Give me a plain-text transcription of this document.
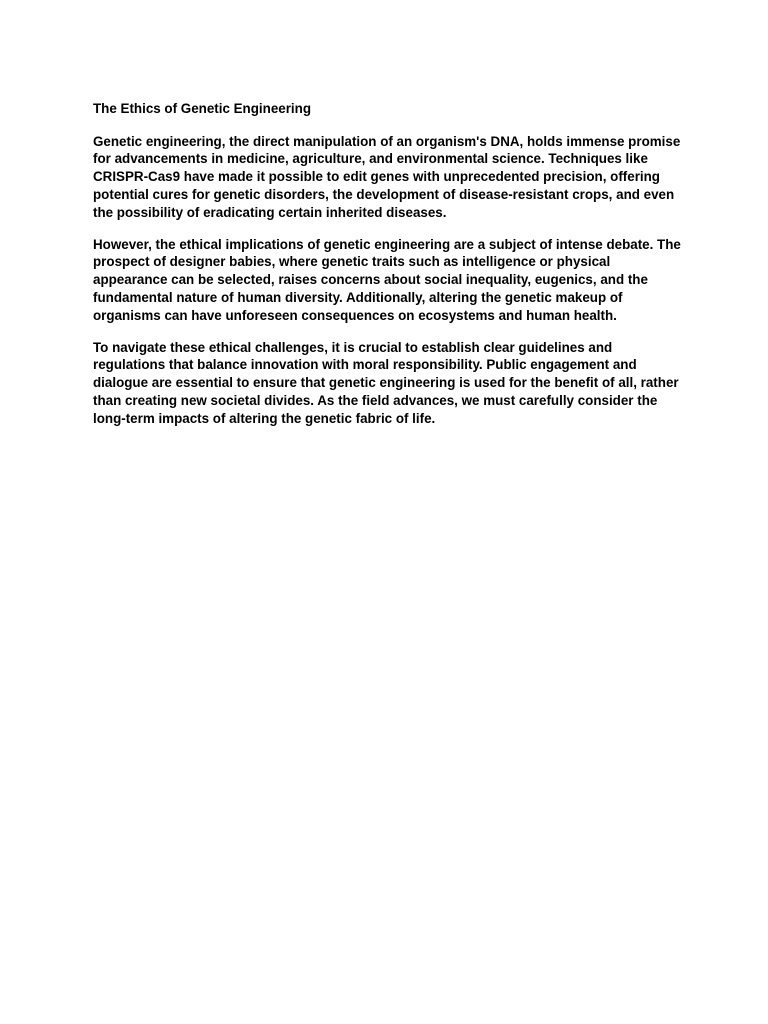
The Ethics of Genetic Engineering

Genetic engineering, the direct manipulation of an organism's DNA, holds immense promise for advancements in medicine, agriculture, and environmental science. Techniques like CRISPR-Cas9 have made it possible to edit genes with unprecedented precision, offering potential cures for genetic disorders, the development of disease-resistant crops, and even the possibility of eradicating certain inherited diseases.

However, the ethical implications of genetic engineering are a subject of intense debate. The prospect of designer babies, where genetic traits such as intelligence or physical appearance can be selected, raises concerns about social inequality, eugenics, and the fundamental nature of human diversity. Additionally, altering the genetic makeup of organisms can have unforeseen consequences on ecosystems and human health.

To navigate these ethical challenges, it is crucial to establish clear guidelines and regulations that balance innovation with moral responsibility. Public engagement and dialogue are essential to ensure that genetic engineering is used for the benefit of all, rather than creating new societal divides. As the field advances, we must carefully consider the long-term impacts of altering the genetic fabric of life.
